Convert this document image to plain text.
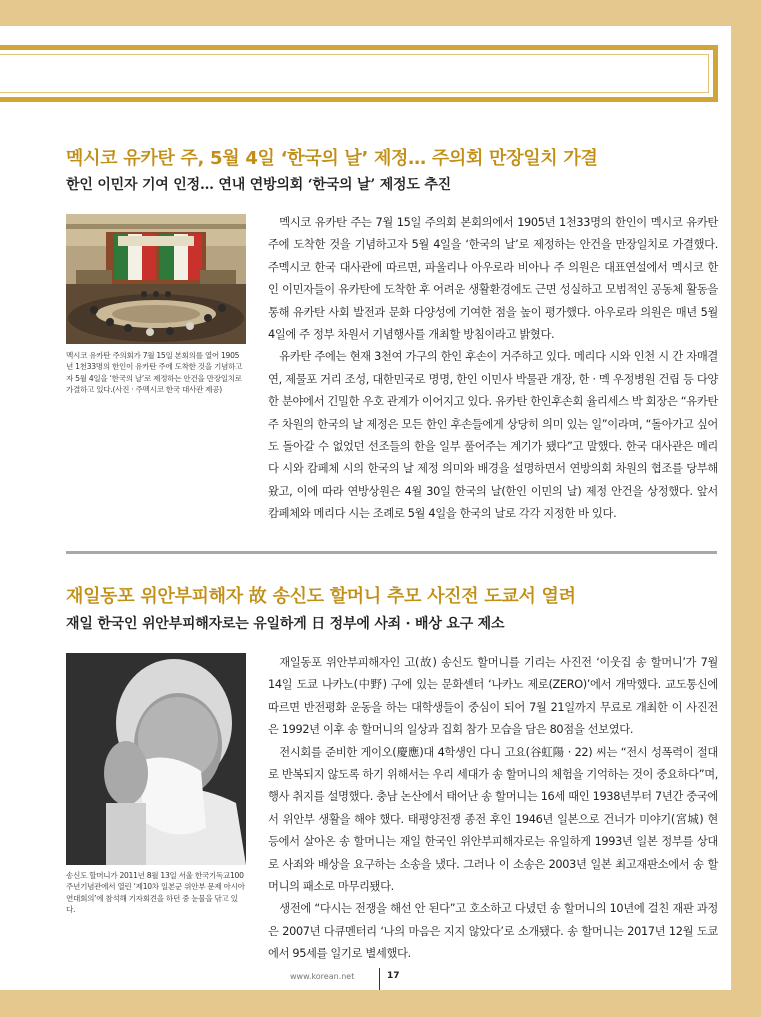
멕시코 유카탄 주, 5월 4일 ‘한국의 날’ 제정… 주의회 만장일치 가결
한인 이민자 기여 인정… 연내 연방의회 ‘한국의 날’ 제정도 추진
멕시코 유카탄 주의회가 7월 15일 본회의를 열어 1905년 1천33명의 한인이 유카탄 주에 도착한 것을 기념하고자 5월 4일을 ‘한국의 날’로 제정하는 안건을 만장일치로 가결하고 있다.(사진 · 주멕시코 한국 대사관 제공)

멕시코 유카탄 주는 7월 15일 주의회 본회의에서 1905년 1천33명의 한인이 멕시코 유카탄 주에 도착한 것을 기념하고자 5월 4일을 ‘한국의 날’로 제정하는 안건을 만장일치로 가결했다. 주멕시코 한국 대사관에 따르면, 파울리나 아우로라 비아나 주 의원은 대표연설에서 멕시코 한인 이민자들이 유카탄에 도착한 후 어려운 생활환경에도 근면 성실하고 모범적인 공동체 활동을 통해 유카탄 사회 발전과 문화 다양성에 기여한 점을 높이 평가했다. 아우로라 의원은 매년 5월 4일에 주 정부 차원서 기념행사를 개최할 방침이라고 밝혔다.

유카탄 주에는 현재 3천여 가구의 한인 후손이 거주하고 있다. 메리다 시와 인천 시 간 자매결연, 제물포 거리 조성, 대한민국로 명명, 한인 이민사 박물관 개장, 한 · 멕 우정병원 건립 등 다양한 분야에서 긴밀한 우호 관계가 이어지고 있다. 유카탄 한인후손회 율리세스 박 회장은 “유카탄 주 차원의 한국의 날 제정은 모든 한인 후손들에게 상당히 의미 있는 일”이라며, “돌아가고 싶어도 돌아갈 수 없었던 선조들의 한을 일부 풀어주는 계기가 됐다”고 말했다. 한국 대사관은 메리다 시와 캄페체 시의 한국의 날 제정 의미와 배경을 설명하면서 연방의회 차원의 협조를 당부해 왔고, 이에 따라 연방상원은 4월 30일 한국의 날(한인 이민의 날) 제정 안건을 상정했다. 앞서 캄페체와 메리다 시는 조례로 5월 4일을 한국의 날로 각각 지정한 바 있다.

재일동포 위안부피해자 故 송신도 할머니 추모 사진전 도쿄서 열려
재일 한국인 위안부피해자로는 유일하게 日 정부에 사죄 · 배상 요구 제소
송신도 할머니가 2011년 8월 13일 서울 한국기독교100주년기념관에서 열린 ‘제10차 일본군 위안부 문제 아시아연대회의’에 참석해 기자회견을 하던 중 눈물을 닦고 있다.

재일동포 위안부피해자인 고(故) 송신도 할머니를 기리는 사진전 ‘이웃집 송 할머니’가 7월 14일 도쿄 나카노(中野) 구에 있는 문화센터 ‘나카노 제로(ZERO)’에서 개막했다. 교도통신에 따르면 반전평화 운동을 하는 대학생들이 중심이 되어 7월 21일까지 무료로 개최한 이 사진전은 1992년 이후 송 할머니의 일상과 집회 참가 모습을 담은 80점을 선보였다.

전시회를 준비한 게이오(慶應)대 4학생인 다니 고요(谷虹陽 · 22) 씨는 “전시 성폭력이 절대로 반복되지 않도록 하기 위해서는 우리 세대가 송 할머니의 체험을 기억하는 것이 중요하다”며, 행사 취지를 설명했다. 충남 논산에서 태어난 송 할머니는 16세 때인 1938년부터 7년간 중국에서 위안부 생활을 해야 했다. 태평양전쟁 종전 후인 1946년 일본으로 건너가 미야기(宮城) 현 등에서 살아온 송 할머니는 재일 한국인 위안부피해자로는 유일하게 1993년 일본 정부를 상대로 사죄와 배상을 요구하는 소송을 냈다. 그러나 이 소송은 2003년 일본 최고재판소에서 송 할머니의 패소로 마무리됐다.

생전에 “다시는 전쟁을 해선 안 된다”고 호소하고 다녔던 송 할머니의 10년에 걸친 재판 과정은 2007년 다큐멘터리 ‘나의 마음은 지지 않았다’로 소개됐다. 송 할머니는 2017년 12월 도쿄에서 95세를 일기로 별세했다.

www.korean.net	17
